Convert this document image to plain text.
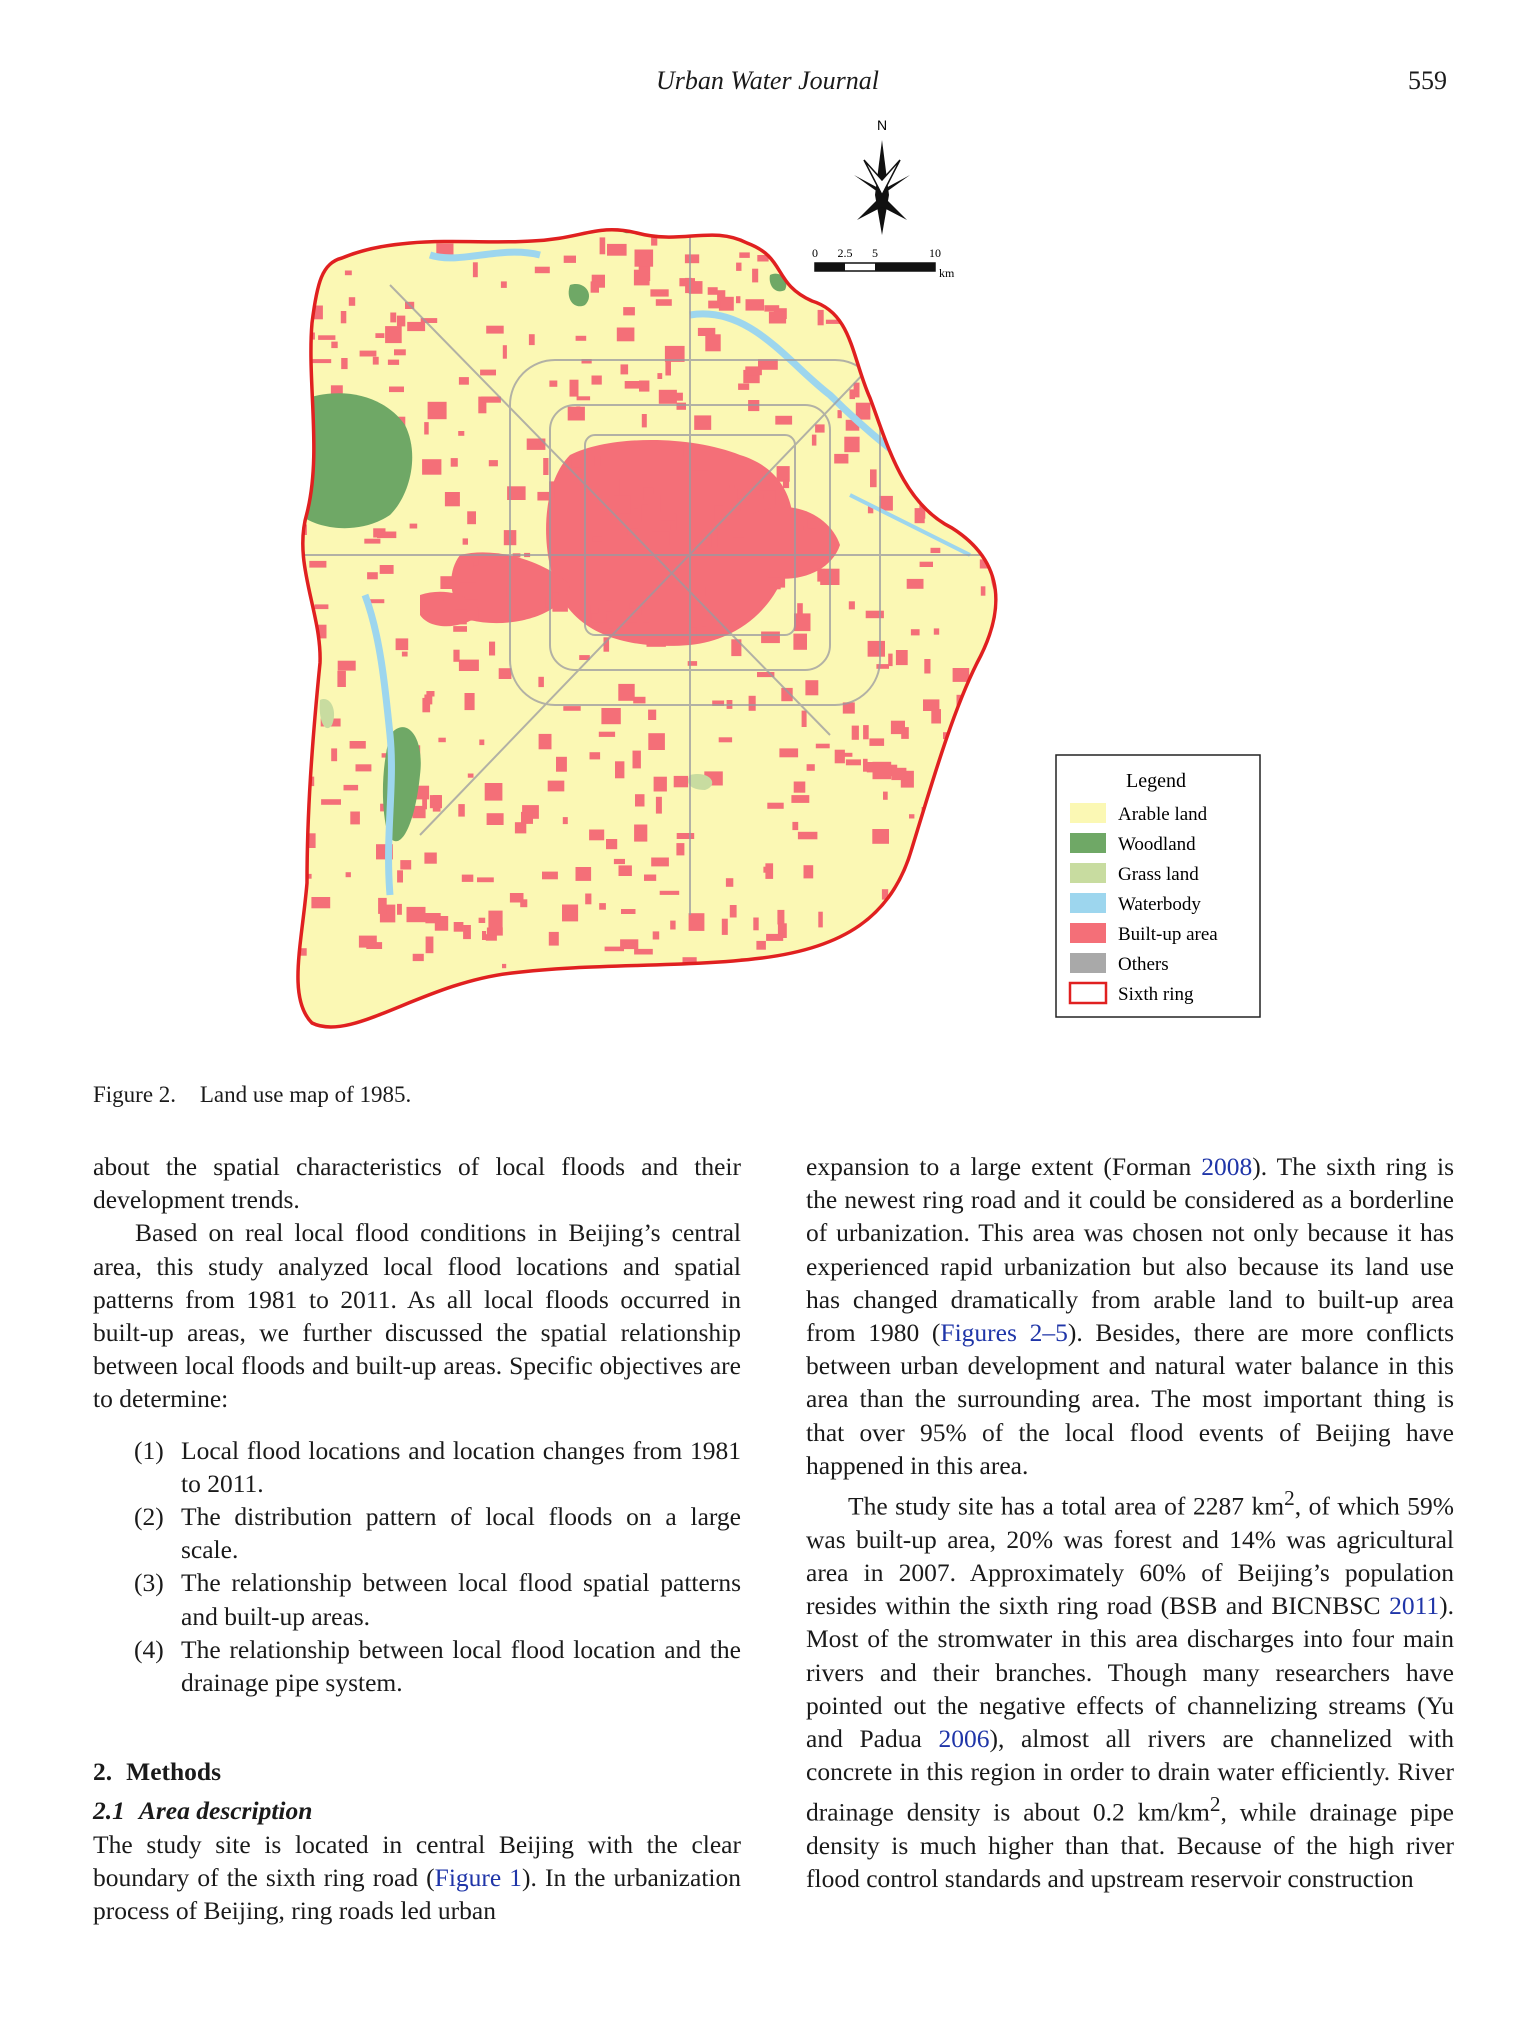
Urban Water Journal	559
N
0 2.5 5	10
km
Legend
Arable land
Woodland
Grass land
Waterbody
Built-up area
Others
Sixth ring
Figure 2. Land use map of 1985.

about the spatial characteristics of local floods and their development trends.

Based on real local flood conditions in Beijing’s central area, this study analyzed local flood locations and spatial patterns from 1981 to 2011. As all local floods occurred in built-up areas, we further discussed the spatial relationship between local floods and built-up areas. Specific objectives are to determine:

(1) Local flood locations and location changes from 1981 to 2011.
(2) The distribution pattern of local floods on a large scale.
(3) The relationship between local flood spatial patterns and built-up areas.
(4) The relationship between local flood location and the drainage pipe system.

2. Methods

2.1 Area description

The study site is located in central Beijing with the clear boundary of the sixth ring road (Figure 1). In the urbanization process of Beijing, ring roads led urban

expansion to a large extent (Forman 2008). The sixth ring is the newest ring road and it could be considered as a borderline of urbanization. This area was chosen not only because it has experienced rapid urbanization but also because its land use has changed dramatically from arable land to built-up area from 1980 (Figures 2–5). Besides, there are more conflicts between urban development and natural water balance in this area than the surrounding area. The most important thing is that over 95% of the local flood events of Beijing have happened in this area.

The study site has a total area of 2287 $km^2$, of which 59% was built-up area, 20% was forest and 14% was agricultural area in 2007. Approximately 60% of Beijing’s population resides within the sixth ring road (BSB and BICNBSC 2011). Most of the stromwater in this area discharges into four main rivers and their branches. Though many researchers have pointed out the negative effects of channelizing streams (Yu and Padua 2006), almost all rivers are channelized with concrete in this region in order to drain water efficiently. River drainage density is about 0.2 $km/km^2$, while drainage pipe density is much higher than that. Because of the high river flood control standards and upstream reservoir construction
